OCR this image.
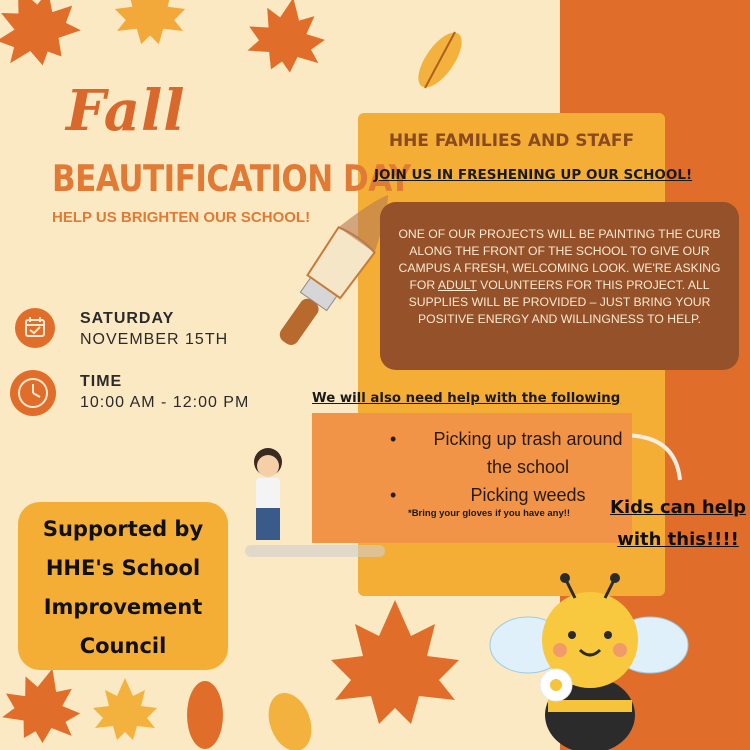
Fall
BEAUTIFICATION DAY
HELP US BRIGHTEN OUR SCHOOL!
SATURDAY
NOVEMBER 15TH
TIME
10:00 AM - 12:00 PM
HHE FAMILIES AND STAFF
JOIN US IN FRESHENING UP OUR SCHOOL!
ONE OF OUR PROJECTS WILL BE PAINTING THE CURB ALONG THE FRONT OF THE SCHOOL TO GIVE OUR CAMPUS A FRESH, WELCOMING LOOK. WE'RE ASKING FOR ADULT VOLUNTEERS FOR THIS PROJECT. ALL SUPPLIES WILL BE PROVIDED – JUST BRING YOUR POSITIVE ENERGY AND WILLINGNESS TO HELP.
We will also need help with the following
•	Picking up trash around the school
•	Picking weeds
*Bring your gloves if you have any!! Kids can help
with this!!!!
Supported by
HHE's School
Improvement
Council
